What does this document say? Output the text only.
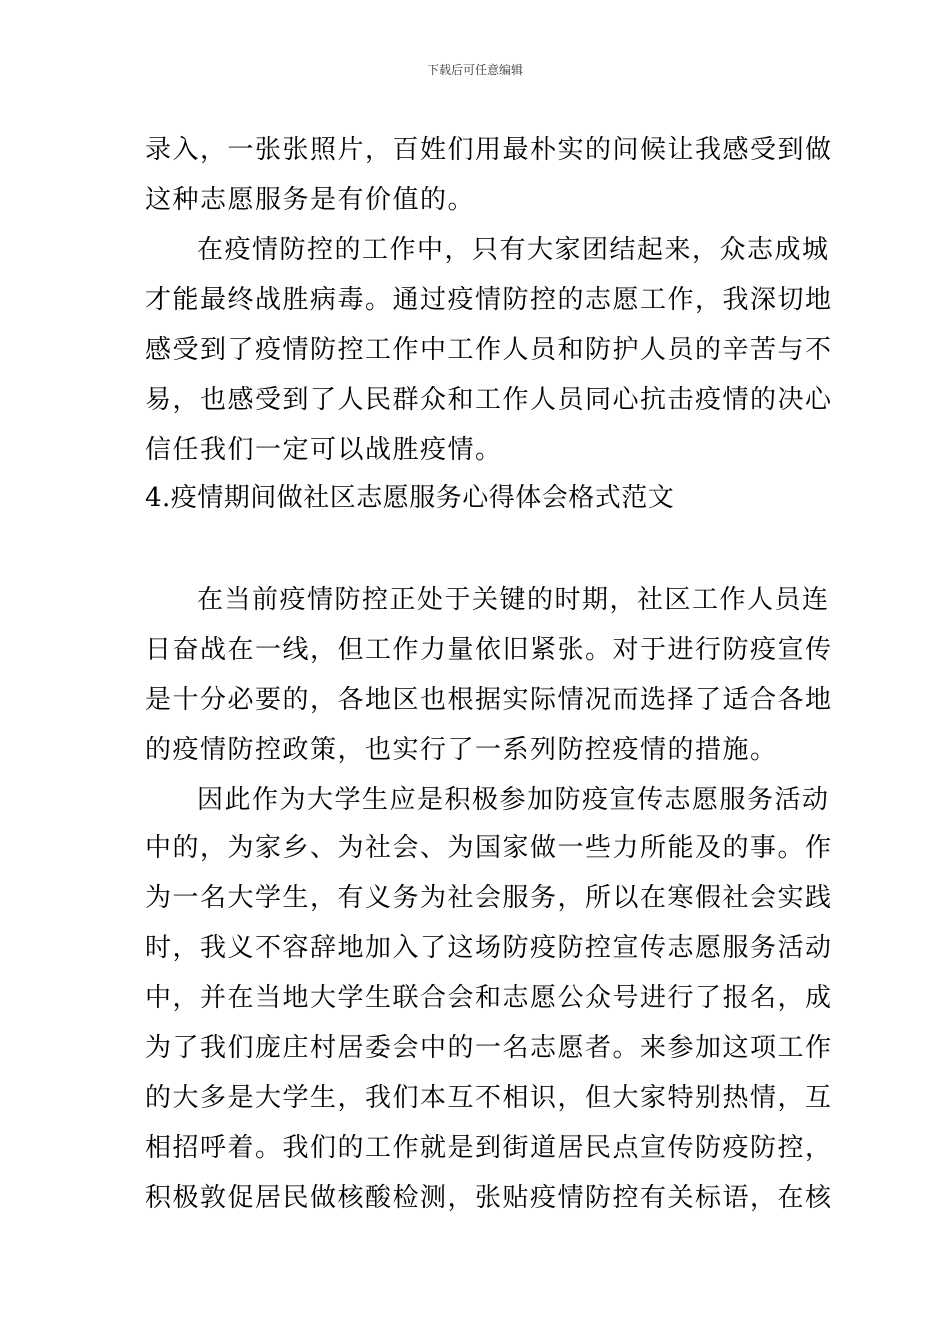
下载后可任意编辑
录入，一张张照片，百姓们用最朴实的问候让我感受到做
这种志愿服务是有价值的。
在疫情防控的工作中，只有大家团结起来，众志成城
才能最终战胜病毒。通过疫情防控的志愿工作，我深切地
感受到了疫情防控工作中工作人员和防护人员的辛苦与不
易，也感受到了人民群众和工作人员同心抗击疫情的决心
信任我们一定可以战胜疫情。
4.疫情期间做社区志愿服务心得体会格式范文
在当前疫情防控正处于关键的时期，社区工作人员连
日奋战在一线，但工作力量依旧紧张。对于进行防疫宣传
是十分必要的，各地区也根据实际情况而选择了适合各地
的疫情防控政策，也实行了一系列防控疫情的措施。
因此作为大学生应是积极参加防疫宣传志愿服务活动
中的，为家乡、为社会、为国家做一些力所能及的事。作
为一名大学生，有义务为社会服务，所以在寒假社会实践
时，我义不容辞地加入了这场防疫防控宣传志愿服务活动
中，并在当地大学生联合会和志愿公众号进行了报名，成
为了我们庞庄村居委会中的一名志愿者。来参加这项工作
的大多是大学生，我们本互不相识，但大家特别热情，互
相招呼着。我们的工作就是到街道居民点宣传防疫防控，
积极敦促居民做核酸检测，张贴疫情防控有关标语，在核
